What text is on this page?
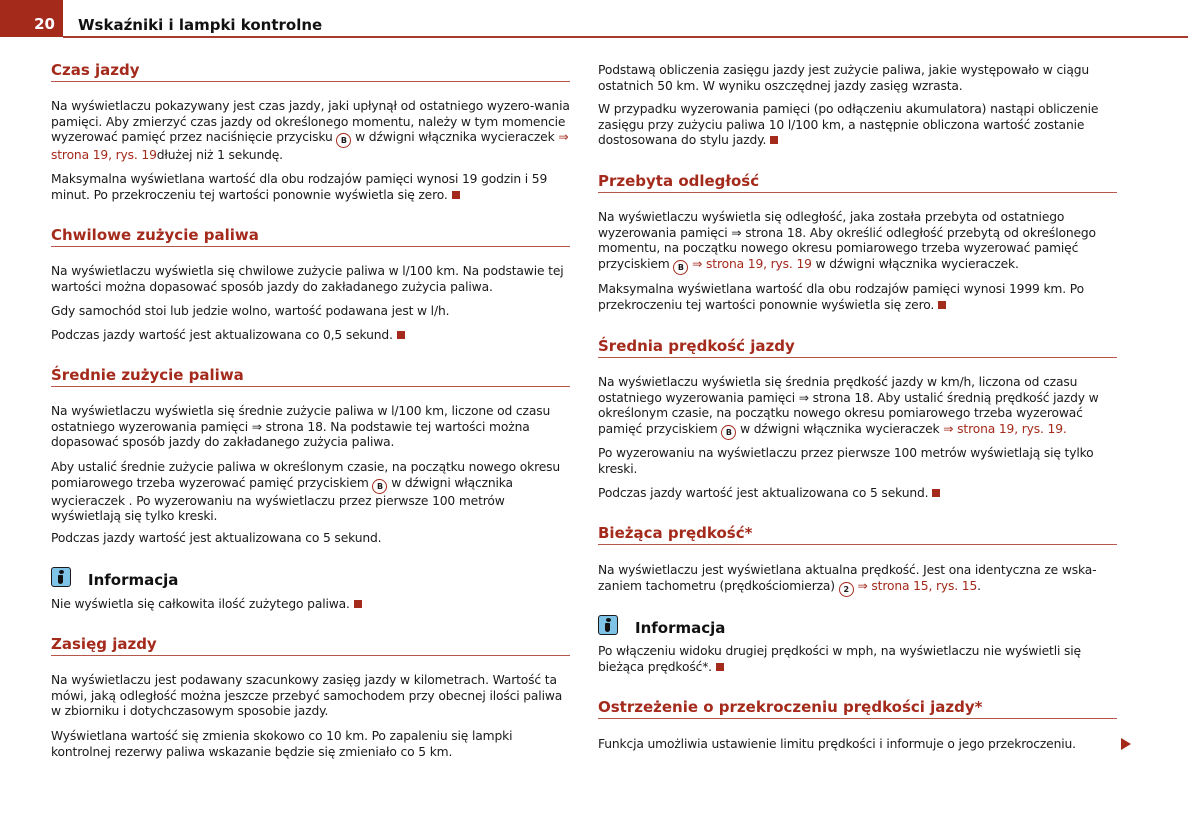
20 Wskaźniki i lampki kontrolne
Czas jazdy
Na wyświetlaczu pokazywany jest czas jazdy, jaki upłynął od ostatniego wyzero-wania pamięci. Aby zmierzyć czas jazdy od określonego momentu, należy w tym momencie wyzerować pamięć przez naciśnięcie przycisku B w dźwigni włącznika wycieraczek ⇒ strona 19, rys. 19dłużej niż 1 sekundę.
Maksymalna wyświetlana wartość dla obu rodzajów pamięci wynosi 19 godzin i 59 minut. Po przekroczeniu tej wartości ponownie wyświetla się zero.
Chwilowe zużycie paliwa
Na wyświetlaczu wyświetla się chwilowe zużycie paliwa w l/100 km. Na podstawie tej wartości można dopasować sposób jazdy do zakładanego zużycia paliwa.
Gdy samochód stoi lub jedzie wolno, wartość podawana jest w l/h.
Podczas jazdy wartość jest aktualizowana co 0,5 sekund.
Średnie zużycie paliwa
Na wyświetlaczu wyświetla się średnie zużycie paliwa w l/100 km, liczone od czasu ostatniego wyzerowania pamięci ⇒ strona 18. Na podstawie tej wartości można dopasować sposób jazdy do zakładanego zużycia paliwa.
Aby ustalić średnie zużycie paliwa w określonym czasie, na początku nowego okresu pomiarowego trzeba wyzerować pamięć przyciskiem B w dźwigni włącznika wycieraczek . Po wyzerowaniu na wyświetlaczu przez pierwsze 100 metrów wyświetlają się tylko kreski.
Podczas jazdy wartość jest aktualizowana co 5 sekund.
Informacja
Nie wyświetla się całkowita ilość zużytego paliwa.
Zasięg jazdy
Na wyświetlaczu jest podawany szacunkowy zasięg jazdy w kilometrach. Wartość ta mówi, jaką odległość można jeszcze przebyć samochodem przy obecnej ilości paliwa w zbiorniku i dotychczasowym sposobie jazdy.
Wyświetlana wartość się zmienia skokowo co 10 km. Po zapaleniu się lampki kontrolnej rezerwy paliwa wskazanie będzie się zmieniało co 5 km.
Podstawą obliczenia zasięgu jazdy jest zużycie paliwa, jakie występowało w ciągu ostatnich 50 km. W wyniku oszczędnej jazdy zasięg wzrasta.
W przypadku wyzerowania pamięci (po odłączeniu akumulatora) nastąpi obliczenie zasięgu przy zużyciu paliwa 10 l/100 km, a następnie obliczona wartość zostanie dostosowana do stylu jazdy.
Przebyta odległość
Na wyświetlaczu wyświetla się odległość, jaka została przebyta od ostatniego wyzerowania pamięci ⇒ strona 18. Aby określić odległość przebytą od określonego momentu, na początku nowego okresu pomiarowego trzeba wyzerować pamięć przyciskiem B ⇒ strona 19, rys. 19 w dźwigni włącznika wycieraczek.
Maksymalna wyświetlana wartość dla obu rodzajów pamięci wynosi 1999 km. Po przekroczeniu tej wartości ponownie wyświetla się zero.
Średnia prędkość jazdy
Na wyświetlaczu wyświetla się średnia prędkość jazdy w km/h, liczona od czasu ostatniego wyzerowania pamięci ⇒ strona 18. Aby ustalić średnią prędkość jazdy w określonym czasie, na początku nowego okresu pomiarowego trzeba wyzerować pamięć przyciskiem B w dźwigni włącznika wycieraczek ⇒ strona 19, rys. 19.
Po wyzerowaniu na wyświetlaczu przez pierwsze 100 metrów wyświetlają się tylko kreski.
Podczas jazdy wartość jest aktualizowana co 5 sekund.
Bieżąca prędkość*
Na wyświetlaczu jest wyświetlana aktualna prędkość. Jest ona identyczna ze wska-zaniem tachometru (prędkościomierza) 2 ⇒ strona 15, rys. 15.
Informacja
Po włączeniu widoku drugiej prędkości w mph, na wyświetlaczu nie wyświetli się bieżąca prędkość*.
Ostrzeżenie o przekroczeniu prędkości jazdy*
Funkcja umożliwia ustawienie limitu prędkości i informuje o jego przekroczeniu.
